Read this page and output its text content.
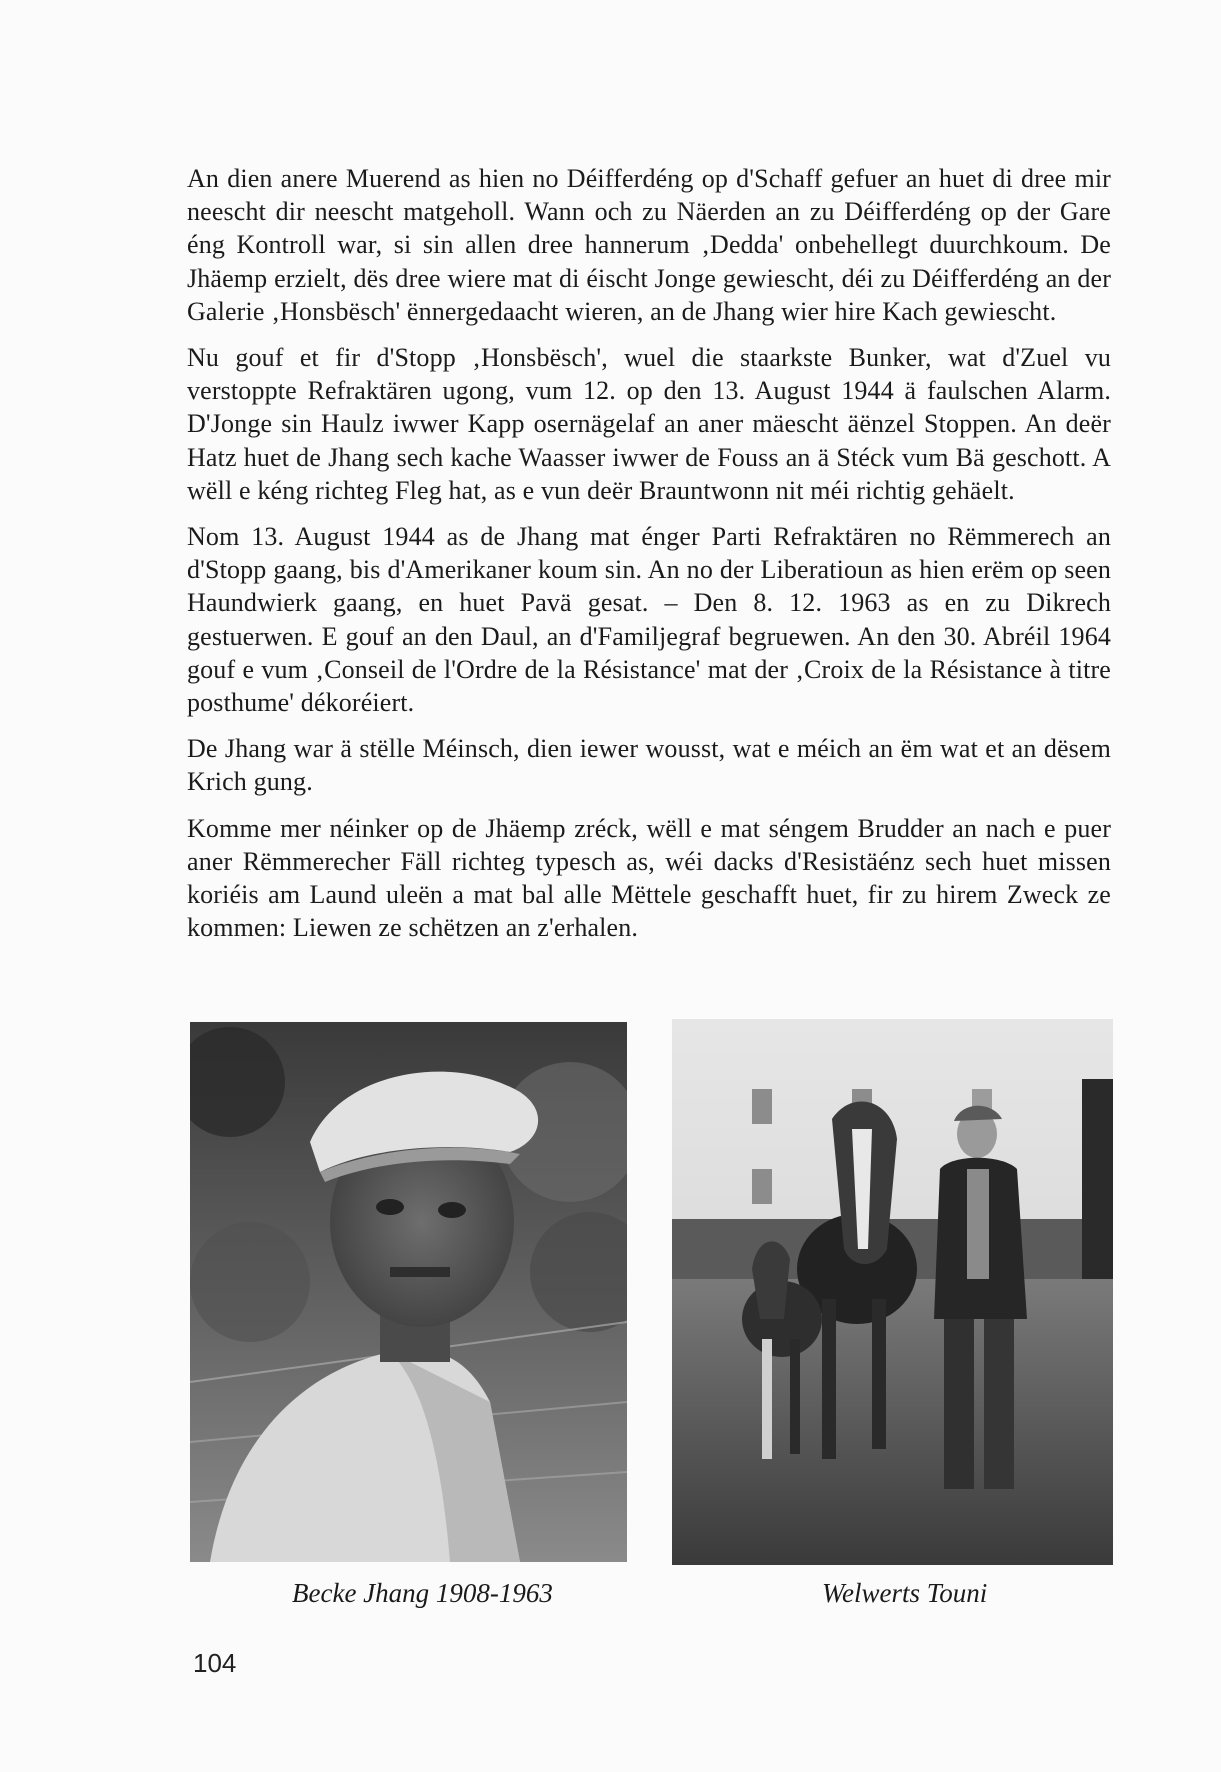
An dien anere Muerend as hien no Déifferdéng op d'Schaff gefuer an huet di dree mir neescht dir neescht matgeholl. Wann och zu Näerden an zu Déifferdéng op der Gare éng Kontroll war, si sin allen dree hannerum ‚Dedda' onbehellegt duurchkoum. De Jhäemp erzielt, dës dree wiere mat di éischt Jonge gewiescht, déi zu Déifferdéng an der Galerie ‚Honsbësch' ënnergedaacht wieren, an de Jhang wier hire Kach gewiescht.

Nu gouf et fir d'Stopp ‚Honsbësch', wuel die staarkste Bunker, wat d'Zuel vu verstoppte Refraktären ugong, vum 12. op den 13. August 1944 ä faulschen Alarm. D'Jonge sin Haulz iwwer Kapp osernägelaf an aner mäescht äënzel Stoppen. An deër Hatz huet de Jhang sech kache Waasser iwwer de Fouss an ä Stéck vum Bä geschott. A wëll e kéng richteg Fleg hat, as e vun deër Brauntwonn nit méi richtig gehäelt.

Nom 13. August 1944 as de Jhang mat énger Parti Refraktären no Rëmmerech an d'Stopp gaang, bis d'Amerikaner koum sin. An no der Liberatioun as hien erëm op seen Haundwierk gaang, en huet Pavä gesat. – Den 8. 12. 1963 as en zu Dikrech gestuerwen. E gouf an den Daul, an d'Familjegraf begruewen. An den 30. Abréil 1964 gouf e vum ‚Conseil de l'Ordre de la Résistance' mat der ‚Croix de la Résistance à titre posthume' dékoréiert.

De Jhang war ä stëlle Méinsch, dien iewer wousst, wat e méich an ëm wat et an dësem Krich gung.

Komme mer néinker op de Jhäemp zréck, wëll e mat séngem Brudder an nach e puer aner Rëmmerecher Fäll richteg typesch as, wéi dacks d'Resistäénz sech huet missen koriéis am Laund uleën a mat bal alle Mëttele geschafft huet, fir zu hirem Zweck ze kommen: Liewen ze schëtzen an z'erhalen.

Becke Jhang 1908-1963	Welwerts Touni
104
